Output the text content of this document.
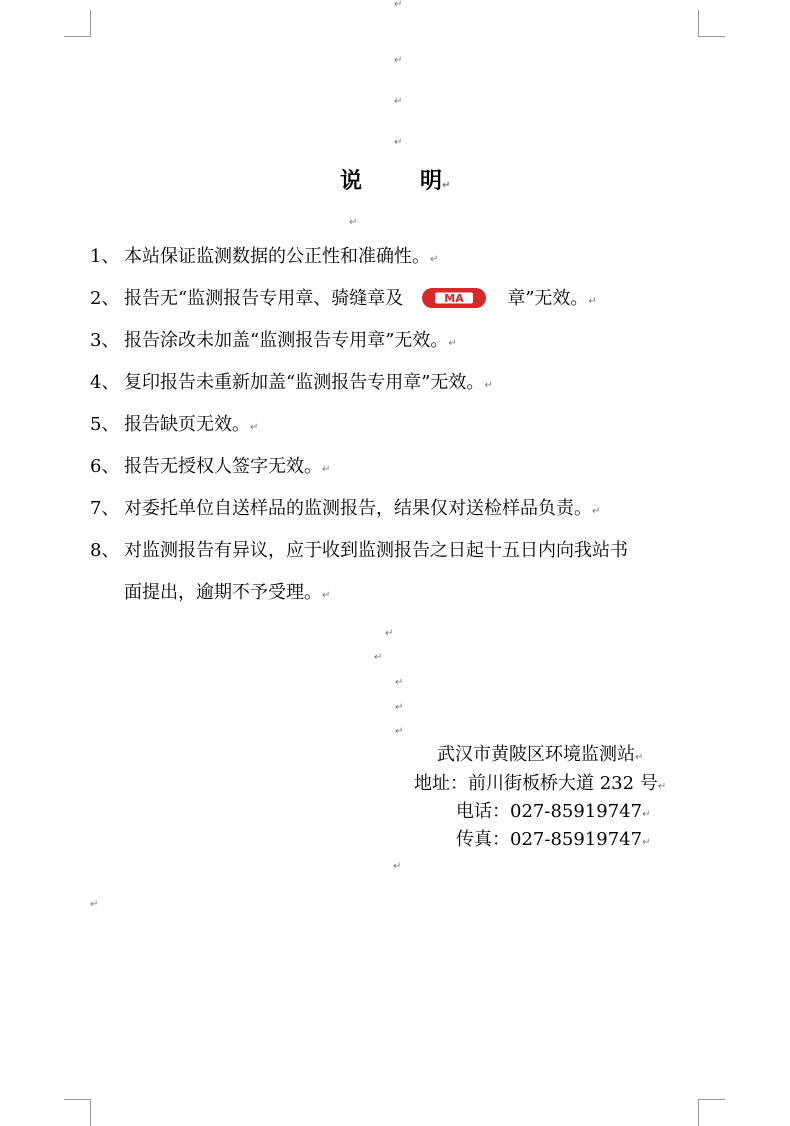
↵
↵
↵
↵
说	明↵
↵
1、 本站保证监测数据的公正性和准确性。↵
2、 报告无“监测报告专用章、骑缝章及	MA 章”无效。↵
3、 报告涂改未加盖“监测报告专用章”无效。↵
4、 复印报告未重新加盖“监测报告专用章”无效。↵
5、 报告缺页无效。↵
6、 报告无授权人签字无效。↵
7、 对委托单位自送样品的监测报告，结果仅对送检样品负责。↵
8、 对监测报告有异议，应于收到监测报告之日起十五日内向我站书
面提出，逾期不予受理。↵
↵
↵
↵
↵
↵
武汉市黄陂区环境监测站↵
地址：前川街板桥大道 232 号↵
电话：027-85919747↵
传真：027-85919747↵
↵
↵
